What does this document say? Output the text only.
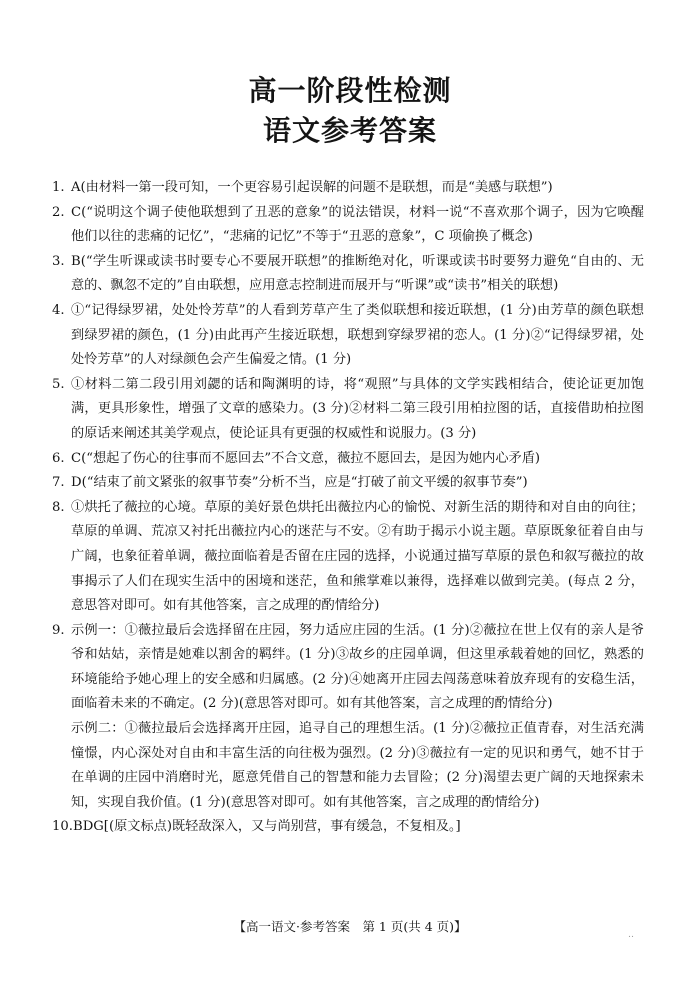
高一阶段性检测
语文参考答案
1. A(由材料一第一段可知，一个更容易引起误解的问题不是联想，而是“美感与联想”)
2. C(“说明这个调子使他联想到了丑恶的意象”的说法错误，材料一说“不喜欢那个调子，因为它唤醒他们以往的悲痛的记忆”，“悲痛的记忆”不等于“丑恶的意象”，C 项偷换了概念)
3. B(“学生听课或读书时要专心不要展开联想”的推断绝对化，听课或读书时要努力避免“自由的、无意的、飘忽不定的”自由联想，应用意志控制进而展开与“听课”或“读书”相关的联想)
4. ①“记得绿罗裙，处处怜芳草”的人看到芳草产生了类似联想和接近联想，(1 分)由芳草的颜色联想到绿罗裙的颜色，(1 分)由此再产生接近联想，联想到穿绿罗裙的恋人。(1 分)②“记得绿罗裙，处处怜芳草”的人对绿颜色会产生偏爱之情。(1 分)
5. ①材料二第二段引用刘勰的话和陶渊明的诗，将“观照”与具体的文学实践相结合，使论证更加饱满，更具形象性，增强了文章的感染力。(3 分)②材料二第三段引用柏拉图的话，直接借助柏拉图的原话来阐述其美学观点，使论证具有更强的权威性和说服力。(3 分)
6. C(“想起了伤心的往事而不愿回去”不合文意，薇拉不愿回去，是因为她内心矛盾)
7. D(“结束了前文紧张的叙事节奏”分析不当，应是“打破了前文平缓的叙事节奏”)
8. ①烘托了薇拉的心境。草原的美好景色烘托出薇拉内心的愉悦、对新生活的期待和对自由的向往；草原的单调、荒凉又衬托出薇拉内心的迷茫与不安。②有助于揭示小说主题。草原既象征着自由与广阔，也象征着单调，薇拉面临着是否留在庄园的选择，小说通过描写草原的景色和叙写薇拉的故事揭示了人们在现实生活中的困境和迷茫，鱼和熊掌难以兼得，选择难以做到完美。(每点 2 分，意思答对即可。如有其他答案，言之成理的酌情给分)
9. 示例一：①薇拉最后会选择留在庄园，努力适应庄园的生活。(1 分)②薇拉在世上仅有的亲人是爷爷和姑姑，亲情是她难以割舍的羁绊。(1 分)③故乡的庄园单调，但这里承载着她的回忆，熟悉的环境能给予她心理上的安全感和归属感。(2 分)④她离开庄园去闯荡意味着放弃现有的安稳生活，面临着未来的不确定。(2 分)(意思答对即可。如有其他答案，言之成理的酌情给分)
示例二：①薇拉最后会选择离开庄园，追寻自己的理想生活。(1 分)②薇拉正值青春，对生活充满憧憬，内心深处对自由和丰富生活的向往极为强烈。(2 分)③薇拉有一定的见识和勇气，她不甘于在单调的庄园中消磨时光，愿意凭借自己的智慧和能力去冒险；(2 分)渴望去更广阔的天地探索未知，实现自我价值。(1 分)(意思答对即可。如有其他答案，言之成理的酌情给分)
10. BDG[(原文标点)既轻敌深入，又与尚别营，事有缓急，不复相及。]
【高一语文·参考答案　第 1 页(共 4 页)】
‥
